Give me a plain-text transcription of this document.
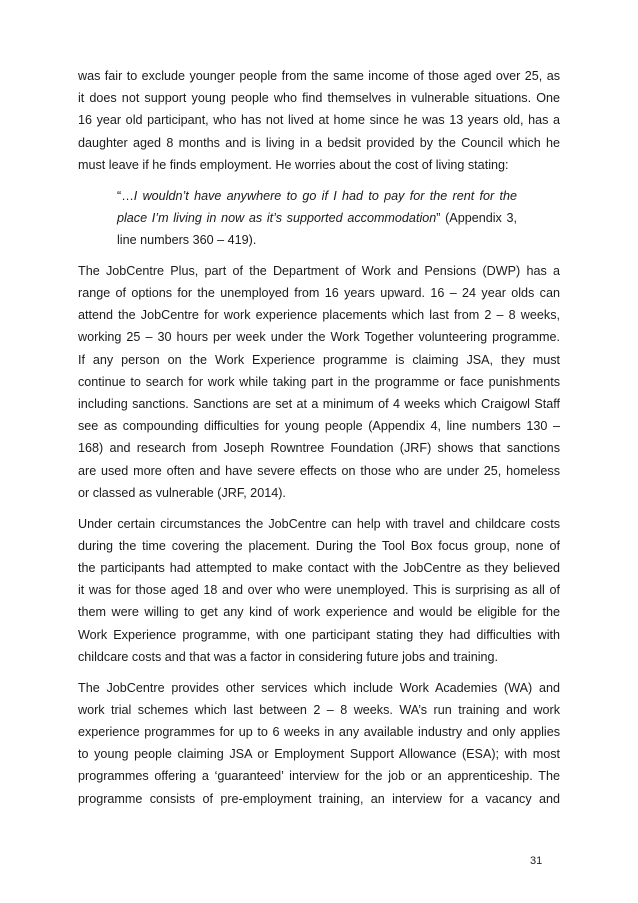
was fair to exclude younger people from the same income of those aged over 25, as
it does not support young people who find themselves in vulnerable situations. One
16 year old participant, who has not lived at home since he was 13 years old, has a
daughter aged 8 months and is living in a bedsit provided by the Council which he
must leave if he finds employment. He worries about the cost of living stating:

“…I wouldn’t have anywhere to go if I had to pay for the rent for the
place I’m living in now as it’s supported accommodation” (Appendix 3,
line numbers 360 – 419).

The JobCentre Plus, part of the Department of Work and Pensions (DWP) has a
range of options for the unemployed from 16 years upward. 16 – 24 year olds can
attend the JobCentre for work experience placements which last from 2 – 8 weeks,
working 25 – 30 hours per week under the Work Together volunteering programme.
If any person on the Work Experience programme is claiming JSA, they must
continue to search for work while taking part in the programme or face punishments
including sanctions. Sanctions are set at a minimum of 4 weeks which Craigowl Staff
see as compounding difficulties for young people (Appendix 4, line numbers 130 –
168) and research from Joseph Rowntree Foundation (JRF) shows that sanctions
are used more often and have severe effects on those who are under 25, homeless
or classed as vulnerable (JRF, 2014).

Under certain circumstances the JobCentre can help with travel and childcare costs
during the time covering the placement. During the Tool Box focus group, none of
the participants had attempted to make contact with the JobCentre as they believed
it was for those aged 18 and over who were unemployed. This is surprising as all of
them were willing to get any kind of work experience and would be eligible for the
Work Experience programme, with one participant stating they had difficulties with
childcare costs and that was a factor in considering future jobs and training.

The JobCentre provides other services which include Work Academies (WA) and
work trial schemes which last between 2 – 8 weeks. WA’s run training and work
experience programmes for up to 6 weeks in any available industry and only applies
to young people claiming JSA or Employment Support Allowance (ESA); with most
programmes offering a ‘guaranteed’ interview for the job or an apprenticeship. The
programme consists of pre-employment training, an interview for a vacancy and

31
